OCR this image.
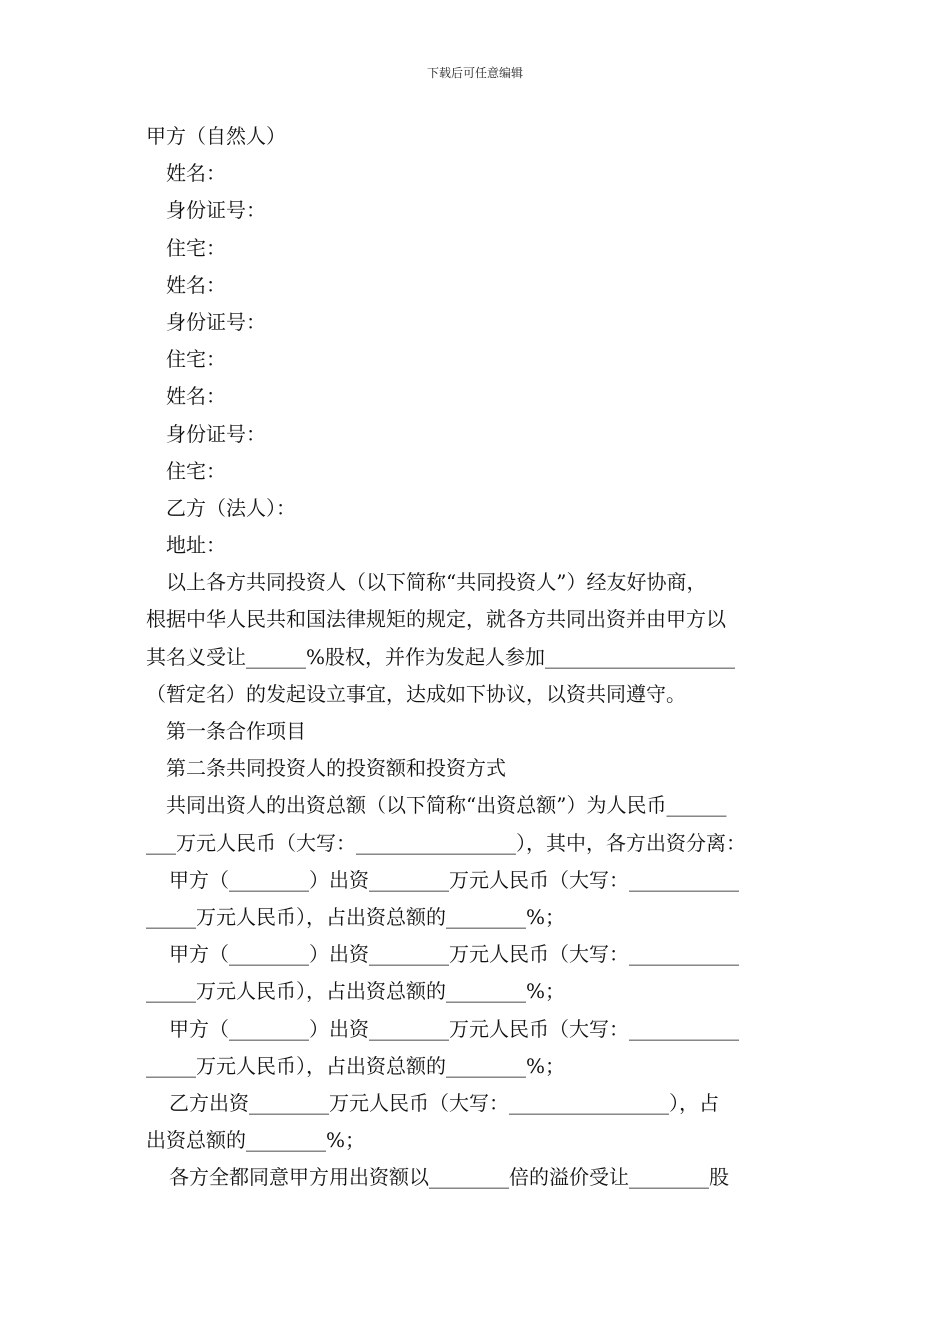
下载后可任意编辑
甲方（自然人）
姓名：
身份证号：
住宅：
姓名：
身份证号：
住宅：
姓名：
身份证号：
住宅：
乙方（法人）：
地址：
以上各方共同投资人（以下简称“共同投资人”）经友好协商，
根据中华人民共和国法律规矩的规定，就各方共同出资并由甲方以
其名义受让______%股权，并作为发起人参加___________________
（暂定名）的发起设立事宜，达成如下协议，以资共同遵守。
第一条合作项目
第二条共同投资人的投资额和投资方式
共同出资人的出资总额（以下简称“出资总额”）为人民币______
___万元人民币（大写：________________），其中，各方出资分离：
甲方（________）出资________万元人民币（大写：___________
_____万元人民币），占出资总额的________%；
甲方（________）出资________万元人民币（大写：___________
_____万元人民币），占出资总额的________%；
甲方（________）出资________万元人民币（大写：___________
_____万元人民币），占出资总额的________%；
乙方出资________万元人民币（大写：________________），占
出资总额的________%；
各方全都同意甲方用出资额以________倍的溢价受让________股
